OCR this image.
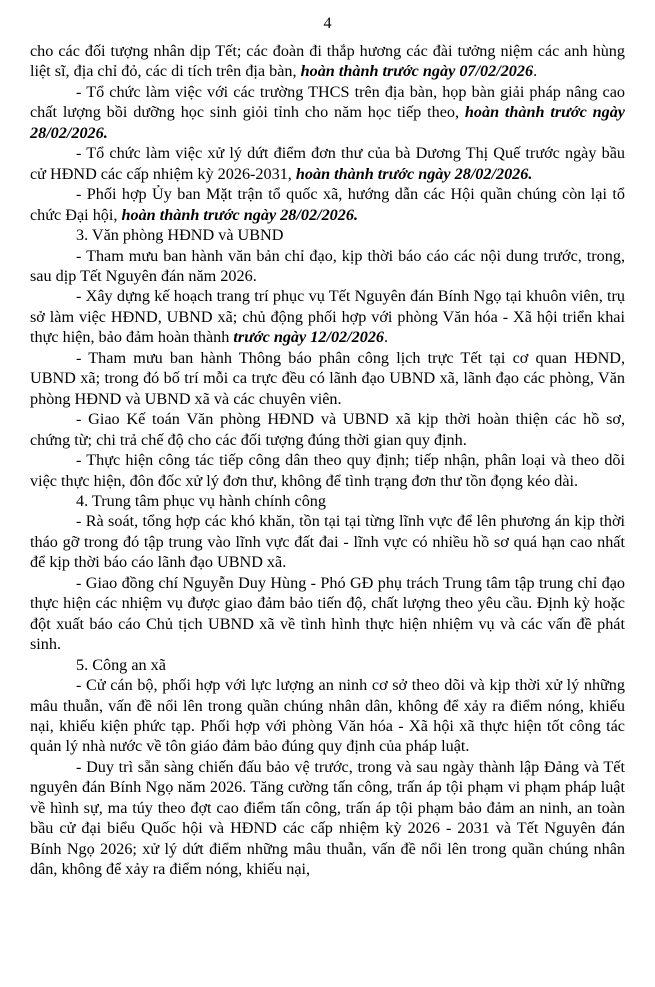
4

cho các đối tượng nhân dịp Tết; các đoàn đi thắp hương các đài tưởng niệm các anh hùng liệt sĩ, địa chỉ đỏ, các di tích trên địa bàn, hoàn thành trước ngày 07/02/2026.

- Tổ chức làm việc với các trường THCS trên địa bàn, họp bàn giải pháp nâng cao chất lượng bồi dưỡng học sinh giỏi tỉnh cho năm học tiếp theo, hoàn thành trước ngày 28/02/2026.

- Tổ chức làm việc xử lý dứt điểm đơn thư của bà Dương Thị Quế trước ngày bầu cử HĐND các cấp nhiệm kỳ 2026-2031, hoàn thành trước ngày 28/02/2026.

- Phối hợp Ủy ban Mặt trận tổ quốc xã, hướng dẫn các Hội quần chúng còn lại tổ chức Đại hội, hoàn thành trước ngày 28/02/2026.

3. Văn phòng HĐND và UBND

- Tham mưu ban hành văn bản chỉ đạo, kịp thời báo cáo các nội dung trước, trong, sau dịp Tết Nguyên đán năm 2026.

- Xây dựng kế hoạch trang trí phục vụ Tết Nguyên đán Bính Ngọ tại khuôn viên, trụ sở làm việc HĐND, UBND xã; chủ động phối hợp với phòng Văn hóa - Xã hội triển khai thực hiện, bảo đảm hoàn thành trước ngày 12/02/2026.

- Tham mưu ban hành Thông báo phân công lịch trực Tết tại cơ quan HĐND, UBND xã; trong đó bố trí mỗi ca trực đều có lãnh đạo UBND xã, lãnh đạo các phòng, Văn phòng HĐND và UBND xã và các chuyên viên.

- Giao Kế toán Văn phòng HĐND và UBND xã kịp thời hoàn thiện các hồ sơ, chứng từ; chi trả chế độ cho các đối tượng đúng thời gian quy định.

- Thực hiện công tác tiếp công dân theo quy định; tiếp nhận, phân loại và theo dõi việc thực hiện, đôn đốc xử lý đơn thư, không để tình trạng đơn thư tồn đọng kéo dài.

4. Trung tâm phục vụ hành chính công

- Rà soát, tổng hợp các khó khăn, tồn tại tại từng lĩnh vực để lên phương án kịp thời tháo gỡ trong đó tập trung vào lĩnh vực đất đai - lĩnh vực có nhiều hồ sơ quá hạn cao nhất để kịp thời báo cáo lãnh đạo UBND xã.

- Giao đồng chí Nguyễn Duy Hùng - Phó GĐ phụ trách Trung tâm tập trung chỉ đạo thực hiện các nhiệm vụ được giao đảm bảo tiến độ, chất lượng theo yêu cầu. Định kỳ hoặc đột xuất báo cáo Chủ tịch UBND xã về tình hình thực hiện nhiệm vụ và các vấn đề phát sinh.

5. Công an xã

- Cử cán bộ, phối hợp với lực lượng an ninh cơ sở theo dõi và kịp thời xử lý những mâu thuẫn, vấn đề nổi lên trong quần chúng nhân dân, không để xảy ra điểm nóng, khiếu nại, khiếu kiện phức tạp. Phối hợp với phòng Văn hóa - Xã hội xã thực hiện tốt công tác quản lý nhà nước về tôn giáo đảm bảo đúng quy định của pháp luật.

- Duy trì sẵn sàng chiến đấu bảo vệ trước, trong và sau ngày thành lập Đảng và Tết nguyên đán Bính Ngọ năm 2026. Tăng cường tấn công, trấn áp tội phạm vi phạm pháp luật về hình sự, ma túy theo đợt cao điểm tấn công, trấn áp tội phạm bảo đảm an ninh, an toàn bầu cử đại biểu Quốc hội và HĐND các cấp nhiệm kỳ 2026 - 2031 và Tết Nguyên đán Bính Ngọ 2026; xử lý dứt điểm những mâu thuẫn, vấn đề nổi lên trong quần chúng nhân dân, không để xảy ra điểm nóng, khiếu nại,
